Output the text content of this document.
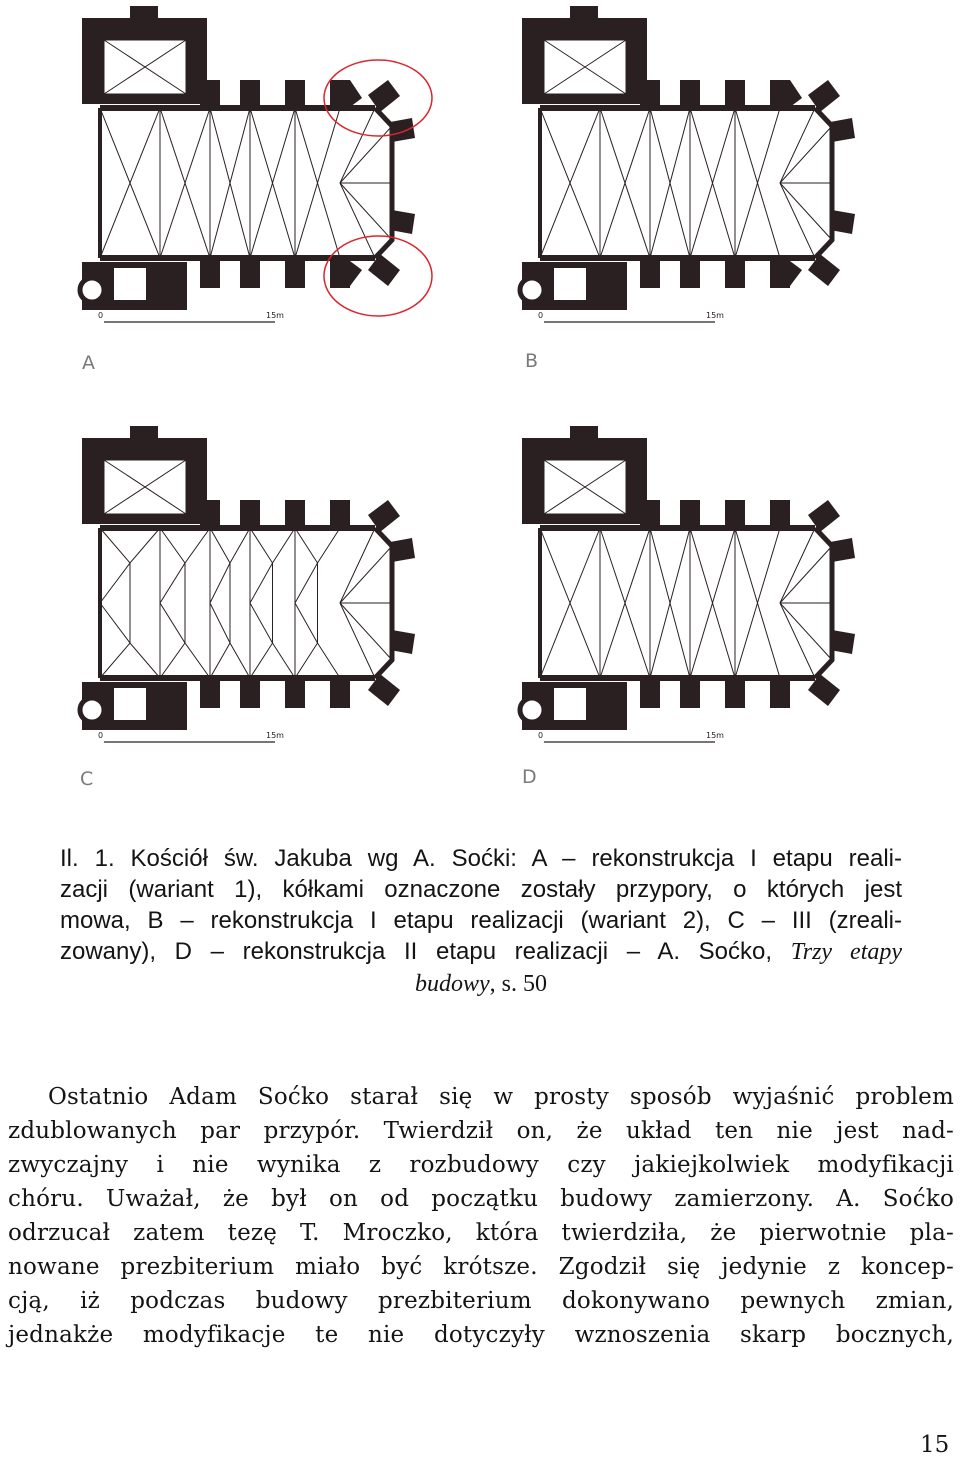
0	15m
A
0	15m
B
0	15m
C
0	15m
D

Il. 1. Kościół św. Jakuba wg A. Soćki: A – rekonstrukcja I etapu reali-
zacji (wariant 1), kółkami oznaczone zostały przypory, o których jest
mowa, B – rekonstrukcja I etapu realizacji (wariant 2), C – III (zreali-
zowany), D – rekonstrukcja II etapu realizacji – A. Soćko, Trzy etapy
budowy, s. 50

Ostatnio Adam Soćko starał się w prosty sposób wyjaśnić problem
zdublowanych par przypór. Twierdził on, że układ ten nie jest nad-
zwyczajny i nie wynika z rozbudowy czy jakiejkolwiek modyfikacji
chóru. Uważał, że był on od początku budowy zamierzony. A. Soćko
odrzucał zatem tezę T. Mroczko, która twierdziła, że pierwotnie pla-
nowane prezbiterium miało być krótsze. Zgodził się jedynie z koncep-
cją, iż podczas budowy prezbiterium dokonywano pewnych zmian,
jednakże modyfikacje te nie dotyczyły wznoszenia skarp bocznych,

15
